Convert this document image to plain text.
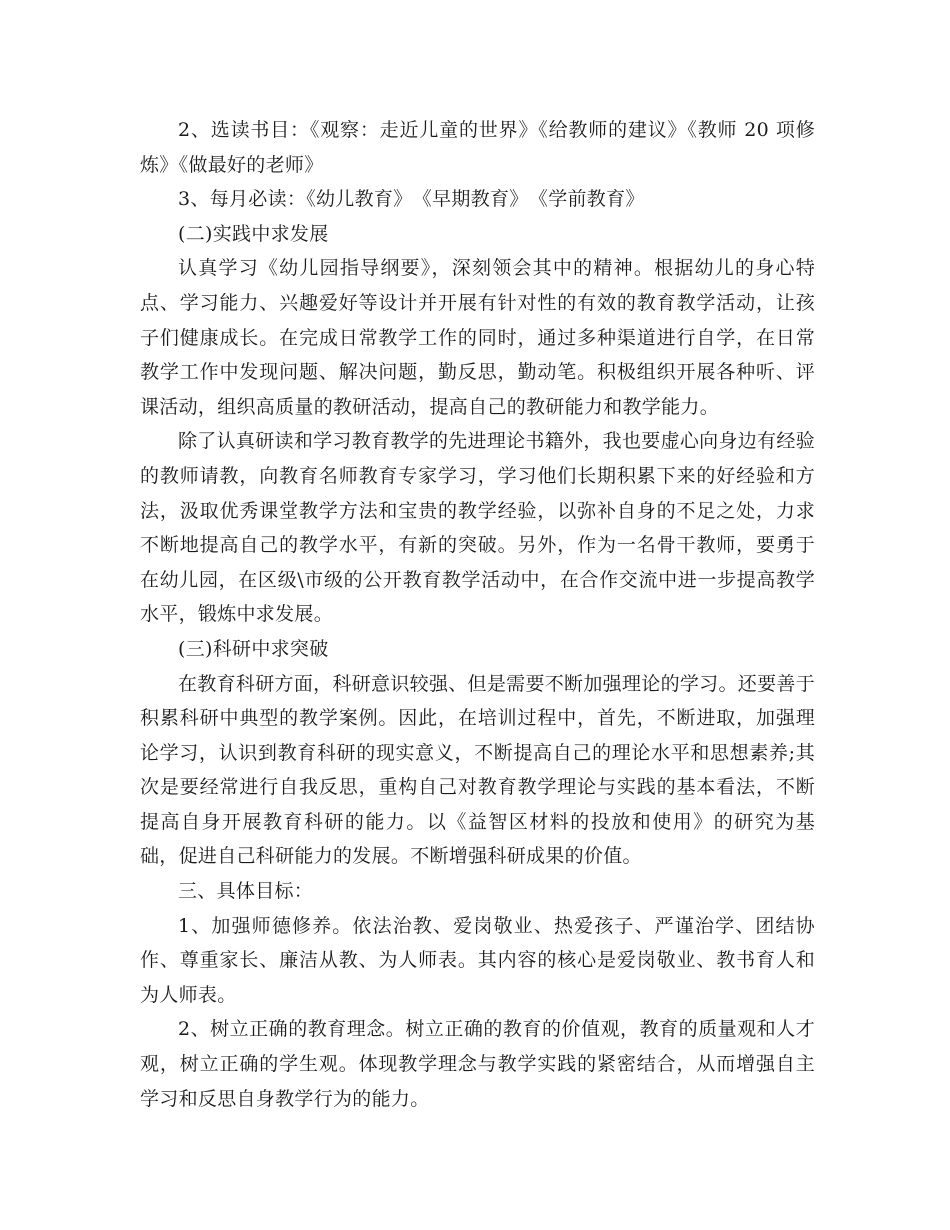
2、选读书目：《观察：走近儿童的世界》《给教师的建议》《教师 20 项修炼》《做最好的老师》

3、每月必读：《幼儿教育》　《早期教育》　《学前教育》

(二)实践中求发展

认真学习《幼儿园指导纲要》，深刻领会其中的精神。根据幼儿的身心特点、学习能力、兴趣爱好等设计并开展有针对性的有效的教育教学活动，让孩子们健康成长。在完成日常教学工作的同时，通过多种渠道进行自学，在日常教学工作中发现问题、解决问题，勤反思，勤动笔。积极组织开展各种听、评课活动，组织高质量的教研活动，提高自己的教研能力和教学能力。

除了认真研读和学习教育教学的先进理论书籍外，我也要虚心向身边有经验的教师请教，向教育名师教育专家学习，学习他们长期积累下来的好经验和方法，汲取优秀课堂教学方法和宝贵的教学经验，以弥补自身的不足之处，力求不断地提高自己的教学水平，有新的突破。另外，作为一名骨干教师，要勇于在幼儿园，在区级\市级的公开教育教学活动中，在合作交流中进一步提高教学水平，锻炼中求发展。

(三)科研中求突破

在教育科研方面，科研意识较强、但是需要不断加强理论的学习。还要善于积累科研中典型的教学案例。因此，在培训过程中，首先，不断进取，加强理论学习，认识到教育科研的现实意义，不断提高自己的理论水平和思想素养;其次是要经常进行自我反思，重构自己对教育教学理论与实践的基本看法，不断提高自身开展教育科研的能力。以《益智区材料的投放和使用》的研究为基础，促进自己科研能力的发展。不断增强科研成果的价值。

三、具体目标：

1、加强师德修养。依法治教、爱岗敬业、热爱孩子、严谨治学、团结协作、尊重家长、廉洁从教、为人师表。其内容的核心是爱岗敬业、教书育人和为人师表。

2、树立正确的教育理念。树立正确的教育的价值观，教育的质量观和人才观，树立正确的学生观。体现教学理念与教学实践的紧密结合，从而增强自主学习和反思自身教学行为的能力。
